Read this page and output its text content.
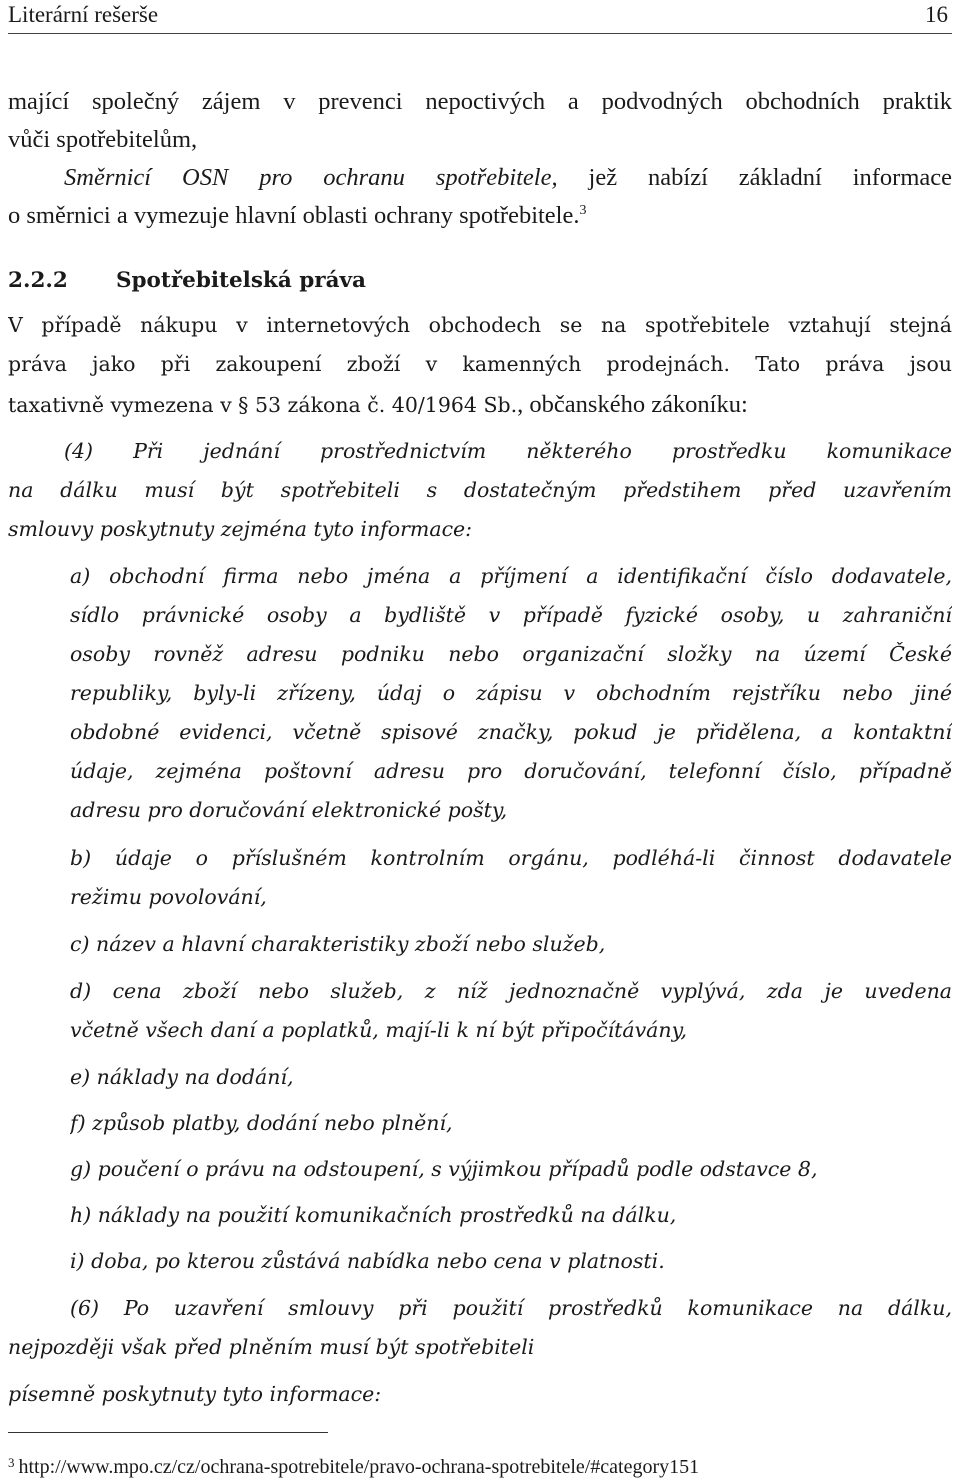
Literární rešerše	16
mající společný zájem v prevenci nepoctivých a podvodných obchodních praktik
vůči spotřebitelům,
Směrnicí OSN pro ochranu spotřebitele, jež nabízí základní informace
o směrnici a vymezuje hlavní oblasti ochrany spotřebitele.$^3$
2.2.2 Spotřebitelská práva
V případě nákupu v internetových obchodech se na spotřebitele vztahují stejná
práva jako při zakoupení zboží v kamenných prodejnách. Tato práva jsou
taxativně vymezena v § 53 zákona č. 40/1964 Sb., občanského zákoníku:
(4) Při jednání prostřednictvím některého prostředku komunikace
na dálku musí být spotřebiteli s dostatečným předstihem před uzavřením
smlouvy poskytnuty zejména tyto informace:
a) obchodní firma nebo jména a příjmení a identifikační číslo dodavatele,
sídlo právnické osoby a bydliště v případě fyzické osoby, u zahraniční
osoby rovněž adresu podniku nebo organizační složky na území České
republiky, byly-li zřízeny, údaj o zápisu v obchodním rejstříku nebo jiné
obdobné evidenci, včetně spisové značky, pokud je přidělena, a kontaktní
údaje, zejména poštovní adresu pro doručování, telefonní číslo, případně
adresu pro doručování elektronické pošty,
b) údaje o příslušném kontrolním orgánu, podléhá-li činnost dodavatele
režimu povolování,
c) název a hlavní charakteristiky zboží nebo služeb,
d) cena zboží nebo služeb, z níž jednoznačně vyplývá, zda je uvedena
včetně všech daní a poplatků, mají-li k ní být připočítávány,
e) náklady na dodání,
f) způsob platby, dodání nebo plnění,
g) poučení o právu na odstoupení, s výjimkou případů podle odstavce 8,
h) náklady na použití komunikačních prostředků na dálku,
i) doba, po kterou zůstává nabídka nebo cena v platnosti.
(6) Po uzavření smlouvy při použití prostředků komunikace na dálku,
nejpozději však před plněním musí být spotřebiteli
písemně poskytnuty tyto informace:
$^3$ http://www.mpo.cz/cz/ochrana-spotrebitele/pravo-ochrana-spotrebitele/#category151
